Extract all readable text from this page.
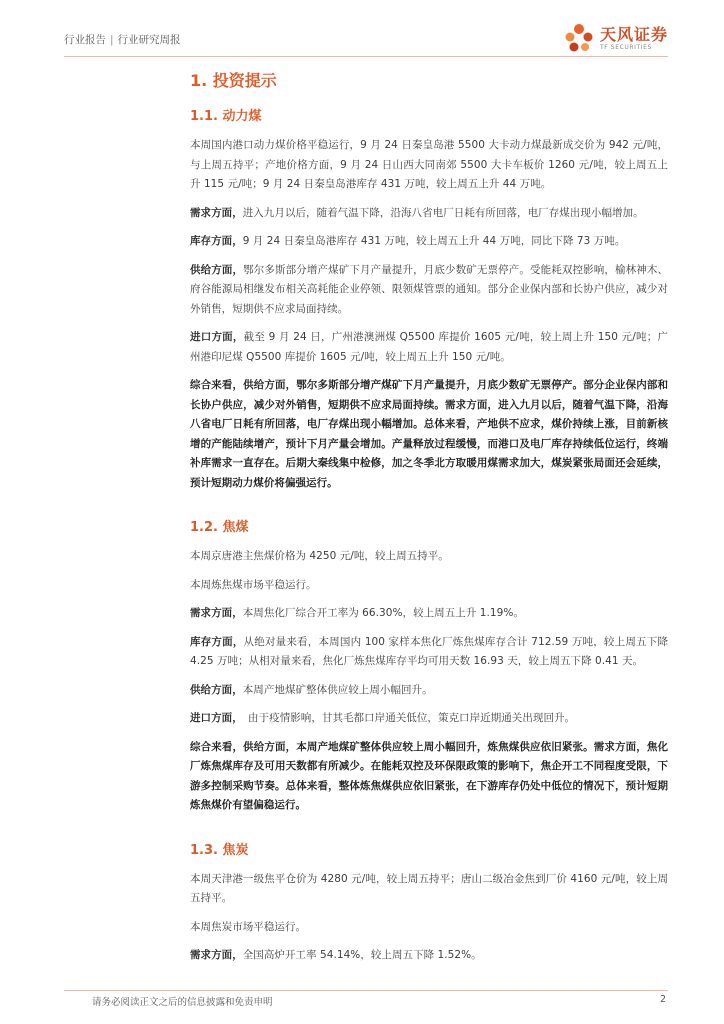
行业报告 | 行业研究周报	天风证券
TF SECURITIES
1. 投资提示
1.1. 动力煤

本周国内港口动力煤价格平稳运行，9 月 24 日秦皇岛港 5500 大卡动力煤最新成交价为 942 元/吨，与上周五持平；产地价格方面，9 月 24 日山西大同南郊 5500 大卡车板价 1260 元/吨，较上周五上升 115 元/吨；9 月 24 日秦皇岛港库存 431 万吨，较上周五上升 44 万吨。

需求方面，进入九月以后，随着气温下降，沿海八省电厂日耗有所回落，电厂存煤出现小幅增加。

库存方面，9 月 24 日秦皇岛港库存 431 万吨，较上周五上升 44 万吨，同比下降 73 万吨。

供给方面，鄂尔多斯部分增产煤矿下月产量提升，月底少数矿无票停产。受能耗双控影响，榆林神木、府谷能源局相继发布相关高耗能企业停领、限领煤管票的通知。部分企业保内部和长协户供应，减少对外销售，短期供不应求局面持续。

进口方面，截至 9 月 24 日，广州港澳洲煤 Q5500 库提价 1605 元/吨，较上周上升 150 元/吨；广州港印尼煤 Q5500 库提价 1605 元/吨，较上周五上升 150 元/吨。

综合来看，供给方面，鄂尔多斯部分增产煤矿下月产量提升，月底少数矿无票停产。部分企业保内部和长协户供应，减少对外销售，短期供不应求局面持续。需求方面，进入九月以后，随着气温下降，沿海八省电厂日耗有所回落，电厂存煤出现小幅增加。总体来看，产地供不应求，煤价持续上涨，目前新核增的产能陆续增产，预计下月产量会增加。产量释放过程缓慢，而港口及电厂库存持续低位运行，终端补库需求一直存在。后期大秦线集中检修，加之冬季北方取暖用煤需求加大，煤炭紧张局面还会延续，预计短期动力煤价将偏强运行。

1.2. 焦煤

本周京唐港主焦煤价格为 4250 元/吨，较上周五持平。

本周炼焦煤市场平稳运行。

需求方面，本周焦化厂综合开工率为 66.30%，较上周五上升 1.19%。

库存方面，从绝对量来看，本周国内 100 家样本焦化厂炼焦煤库存合计 712.59 万吨，较上周五下降 4.25 万吨；从相对量来看，焦化厂炼焦煤库存平均可用天数 16.93 天，较上周五下降 0.41 天。

供给方面，本周产地煤矿整体供应较上周小幅回升。

进口方面，　由于疫情影响，甘其毛都口岸通关低位，策克口岸近期通关出现回升。

综合来看，供给方面，本周产地煤矿整体供应较上周小幅回升，炼焦煤供应依旧紧张。需求方面，焦化厂炼焦煤库存及可用天数都有所减少。在能耗双控及环保限政策的影响下，焦企开工不同程度受限，下游多控制采购节奏。总体来看，整体炼焦煤供应依旧紧张，在下游库存仍处中低位的情况下，预计短期炼焦煤价有望偏稳运行。

1.3. 焦炭

本周天津港一级焦平仓价为 4280 元/吨，较上周五持平；唐山二级冶金焦到厂价 4160 元/吨，较上周五持平。

本周焦炭市场平稳运行。

需求方面，全国高炉开工率 54.14%，较上周五下降 1.52%。

请务必阅读正文之后的信息披露和免责申明	2
